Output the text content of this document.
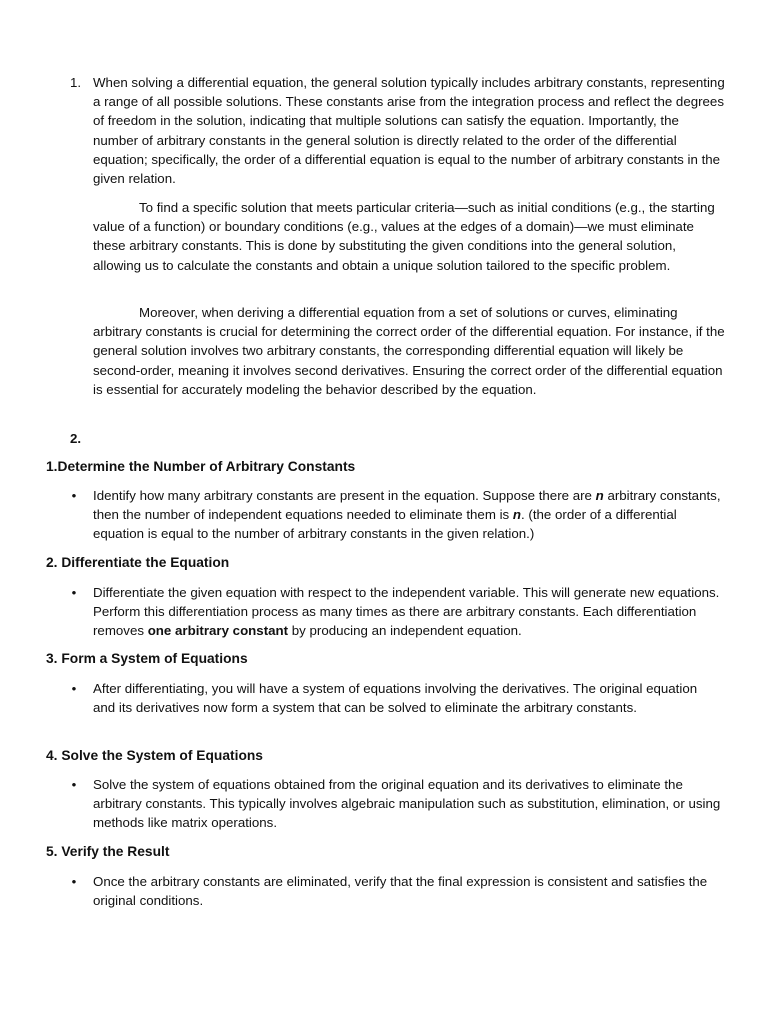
1. When solving a differential equation, the general solution typically includes arbitrary constants, representing a range of all possible solutions. These constants arise from the integration process and reflect the degrees of freedom in the solution, indicating that multiple solutions can satisfy the equation. Importantly, the number of arbitrary constants in the general solution is directly related to the order of the differential equation; specifically, the order of a differential equation is equal to the number of arbitrary constants in the given relation.

To find a specific solution that meets particular criteria—such as initial conditions (e.g., the starting value of a function) or boundary conditions (e.g., values at the edges of a domain)—we must eliminate these arbitrary constants. This is done by substituting the given conditions into the general solution, allowing us to calculate the constants and obtain a unique solution tailored to the specific problem.

Moreover, when deriving a differential equation from a set of solutions or curves, eliminating arbitrary constants is crucial for determining the correct order of the differential equation. For instance, if the general solution involves two arbitrary constants, the corresponding differential equation will likely be second-order, meaning it involves second derivatives. Ensuring the correct order of the differential equation is essential for accurately modeling the behavior described by the equation.

2.
1.Determine the Number of Arbitrary Constants
• Identify how many arbitrary constants are present in the equation. Suppose there are n arbitrary constants, then the number of independent equations needed to eliminate them is n. (the order of a differential equation is equal to the number of arbitrary constants in the given relation.)
2. Differentiate the Equation
• Differentiate the given equation with respect to the independent variable. This will generate new equations. Perform this differentiation process as many times as there are arbitrary constants. Each differentiation removes one arbitrary constant by producing an independent equation.
3. Form a System of Equations
• After differentiating, you will have a system of equations involving the derivatives. The original equation and its derivatives now form a system that can be solved to eliminate the arbitrary constants.
4. Solve the System of Equations
• Solve the system of equations obtained from the original equation and its derivatives to eliminate the arbitrary constants. This typically involves algebraic manipulation such as substitution, elimination, or using methods like matrix operations.
5. Verify the Result
• Once the arbitrary constants are eliminated, verify that the final expression is consistent and satisfies the original conditions.
